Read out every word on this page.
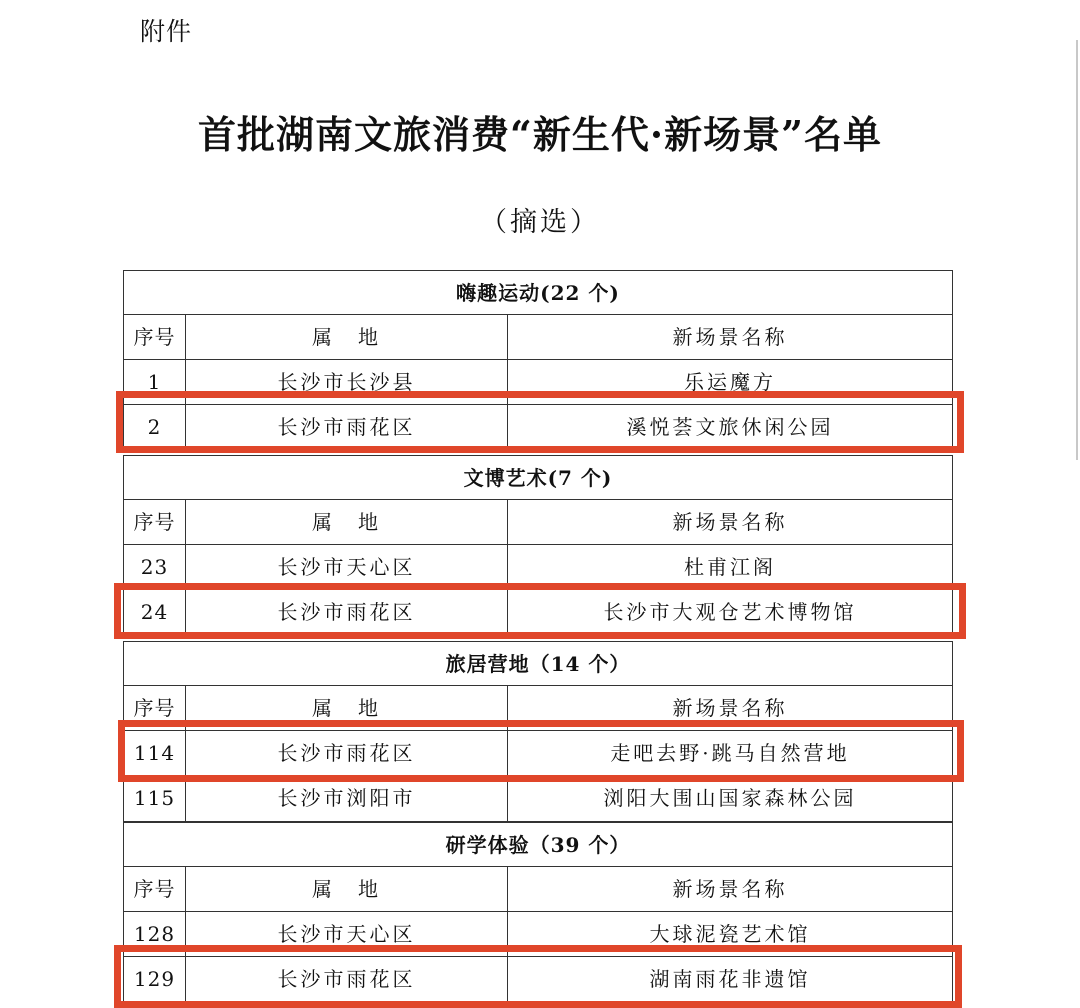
附件
首批湖南文旅消费“新生代·新场景”名单
（摘选）
嗨趣运动(22 个)
序号	属　地	新场景名称
1	长沙市长沙县	乐运魔方
2	长沙市雨花区	溪悦荟文旅休闲公园
文博艺术(7 个)
序号	属　地	新场景名称
23	长沙市天心区	杜甫江阁
24	长沙市雨花区	长沙市大观仓艺术博物馆
旅居营地（14 个）
序号	属　地	新场景名称
114	长沙市雨花区	走吧去野·跳马自然营地
115	长沙市浏阳市	浏阳大围山国家森林公园
研学体验（39 个）
序号	属　地	新场景名称
128	长沙市天心区	大球泥瓷艺术馆
129	长沙市雨花区	湖南雨花非遗馆
